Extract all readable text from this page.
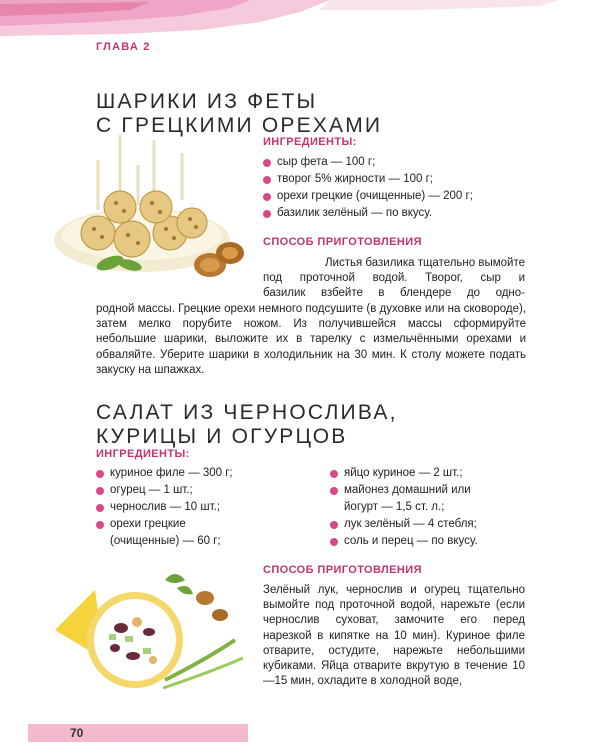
ГЛАВА 2
ШАРИКИ ИЗ ФЕТЫ
С ГРЕЦКИМИ ОРЕХАМИ
ИНГРЕДИЕНТЫ:
сыр фета — 100 г;
творог 5% жирности — 100 г;
орехи грецкие (очищенные) — 200 г;
базилик зелёный — по вкусу.
СПОСОБ ПРИГОТОВЛЕНИЯ
Листья базилика тщательно вымойте
под проточной водой. Творог, сыр и
базилик взбейте в блендере до одно-

родной массы. Грецкие орехи немного подсушите (в духовке или на сковороде), затем мелко порубите ножом. Из получившейся массы сформируйте небольшие шарики, выложите их в тарелку с измельчёнными орехами и обваляйте. Уберите шарики в холодильник на 30 мин. К столу можете подать закуску на шпажках.

САЛАТ ИЗ ЧЕРНОСЛИВА,
КУРИЦЫ И ОГУРЦОВ
ИНГРЕДИЕНТЫ:
куриное филе — 300 г;
огурец — 1 шт.;
чернослив — 10 шт.;
орехи грецкие
(очищенные) — 60 г;
яйцо куриное — 2 шт.;
майонез домашний или
йогурт — 1,5 ст. л.;
лук зелёный — 4 стебля;
соль и перец — по вкусу.
СПОСОБ ПРИГОТОВЛЕНИЯ

Зелёный лук, чернослив и огурец тщательно вымойте под проточной водой, нарежьте (если чернослив суховат, замочите его перед нарезкой в кипятке на 10 мин). Куриное филе отварите, остудите, нарежьте небольшими кубиками. Яйца отварите вкрутую в течение 10—15 мин, охладите в холодной воде,

70
